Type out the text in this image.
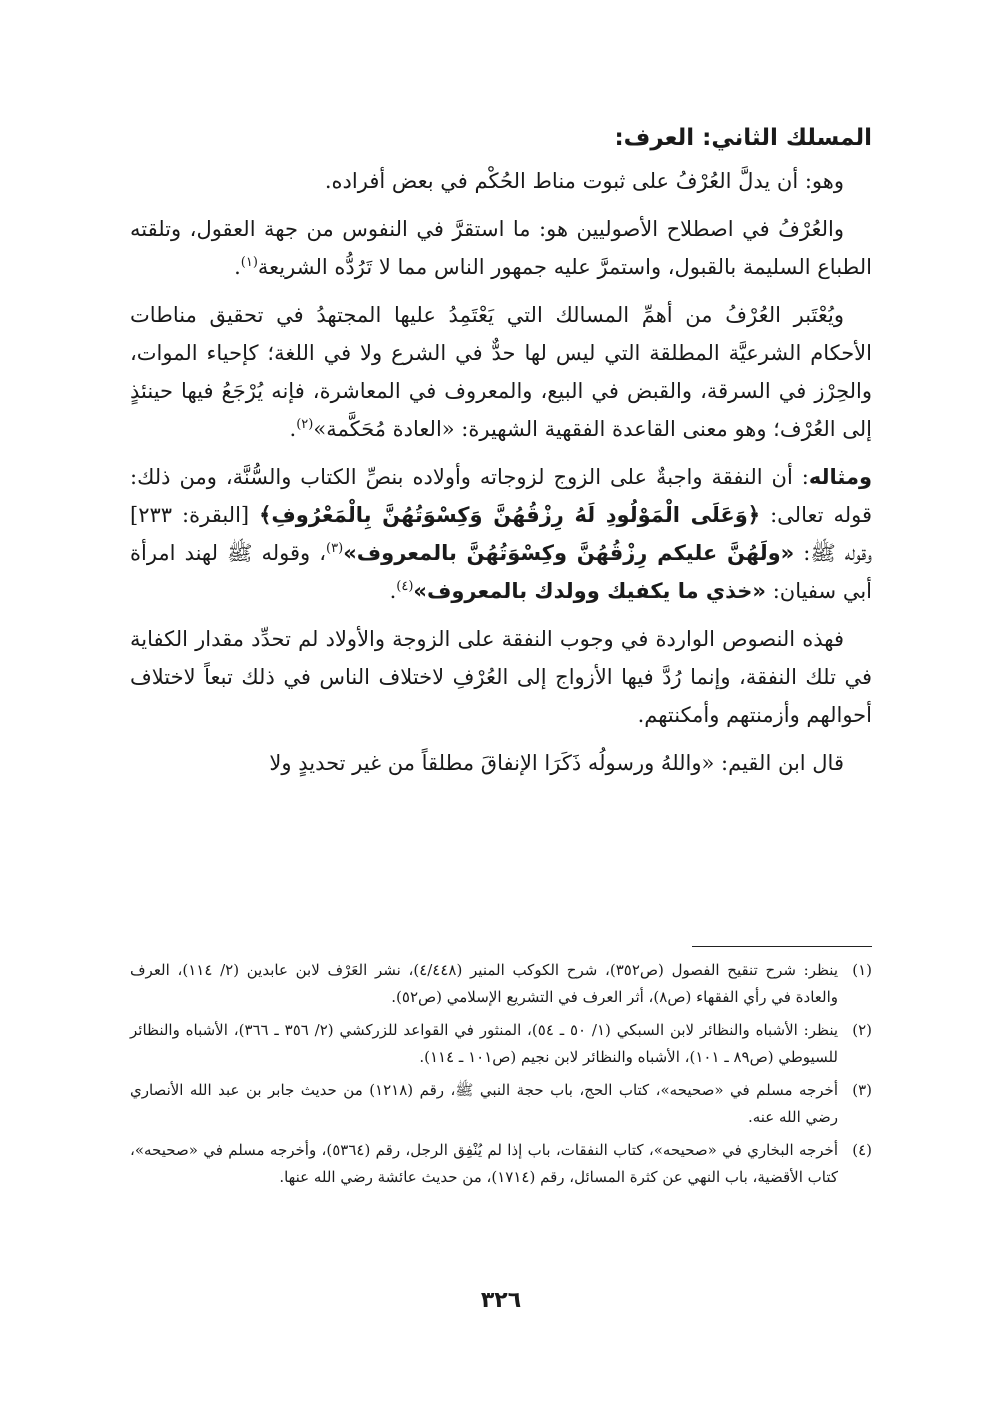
المسلك الثاني: العرف:

وهو: أن يدلَّ العُرْفُ على ثبوت مناط الحُكْم في بعض أفراده.

والعُرْفُ في اصطلاح الأصوليين هو: ما استقرَّ في النفوس من جهة العقول، وتلقته الطباع السليمة بالقبول، واستمرَّ عليه جمهور الناس مما لا تَرُدُّه الشريعة$^{(١)}$.

ويُعْتَبر العُرْفُ من أهمِّ المسالك التي يَعْتَمِدُ عليها المجتهدُ في تحقيق مناطات الأحكام الشرعيَّة المطلقة التي ليس لها حدٌّ في الشرع ولا في اللغة؛ كإحياء الموات، والحِرْز في السرقة، والقبض في البيع، والمعروف في المعاشرة، فإنه يُرْجَعُ فيها حينئذٍ إلى العُرْف؛ وهو معنى القاعدة الفقهية الشهيرة: «العادة مُحَكَّمة»$^{(٢)}$.

ومثاله: أن النفقة واجبةٌ على الزوج لزوجاته وأولاده بنصِّ الكتاب والسُّنَّة، ومن ذلك: قوله تعالى: ﴿وَعَلَى الْمَوْلُودِ لَهُ رِزْقُهُنَّ وَكِسْوَتُهُنَّ بِالْمَعْرُوفِ﴾ [البقرة: ٢٣٣] وقوله ﷺ: «ولَهُنَّ عليكم رِزْقُهُنَّ وكِسْوَتُهُنَّ بالمعروف»$^{(٣)}$، وقوله ﷺ لهند امرأة أبي سفيان: «خذي ما يكفيك وولدك بالمعروف»$^{(٤)}$.

فهذه النصوص الواردة في وجوب النفقة على الزوجة والأولاد لم تحدِّد مقدار الكفاية في تلك النفقة، وإنما رُدَّ فيها الأزواج إلى العُرْفِ لاختلاف الناس في ذلك تبعاً لاختلاف أحوالهم وأزمنتهم وأمكنتهم.

قال ابن القيم: «واللهُ ورسولُه ذَكَرَا الإنفاقَ مطلقاً من غير تحديدٍ ولا

(١)
ينظر: شرح تنقيح الفصول (ص٣٥٢)، شرح الكوكب المنير (٤/٤٤٨)، نشر العَرْف لابن عابدين (٢/ ١١٤)، العرف والعادة في رأي الفقهاء (ص٨)، أثر العرف في التشريع الإسلامي (ص٥٢).
(٢)
ينظر: الأشباه والنظائر لابن السبكي (١/ ٥٠ ـ ٥٤)، المنثور في القواعد للزركشي (٢/ ٣٥٦ ـ ٣٦٦)، الأشباه والنظائر للسيوطي (ص٨٩ ـ ١٠١)، الأشباه والنظائر لابن نجيم (ص١٠١ ـ ١١٤).
(٣)
أخرجه مسلم في «صحيحه»، كتاب الحج، باب حجة النبي ﷺ، رقم (١٢١٨) من حديث جابر بن عبد الله الأنصاري رضي الله عنه.
(٤)
أخرجه البخاري في «صحيحه»، كتاب النفقات، باب إذا لم يُنْفِق الرجل، رقم (٥٣٦٤)، وأخرجه مسلم في «صحيحه»، كتاب الأقضية، باب النهي عن كثرة المسائل، رقم (١٧١٤)، من حديث عائشة رضي الله عنها.
٣٢٦
